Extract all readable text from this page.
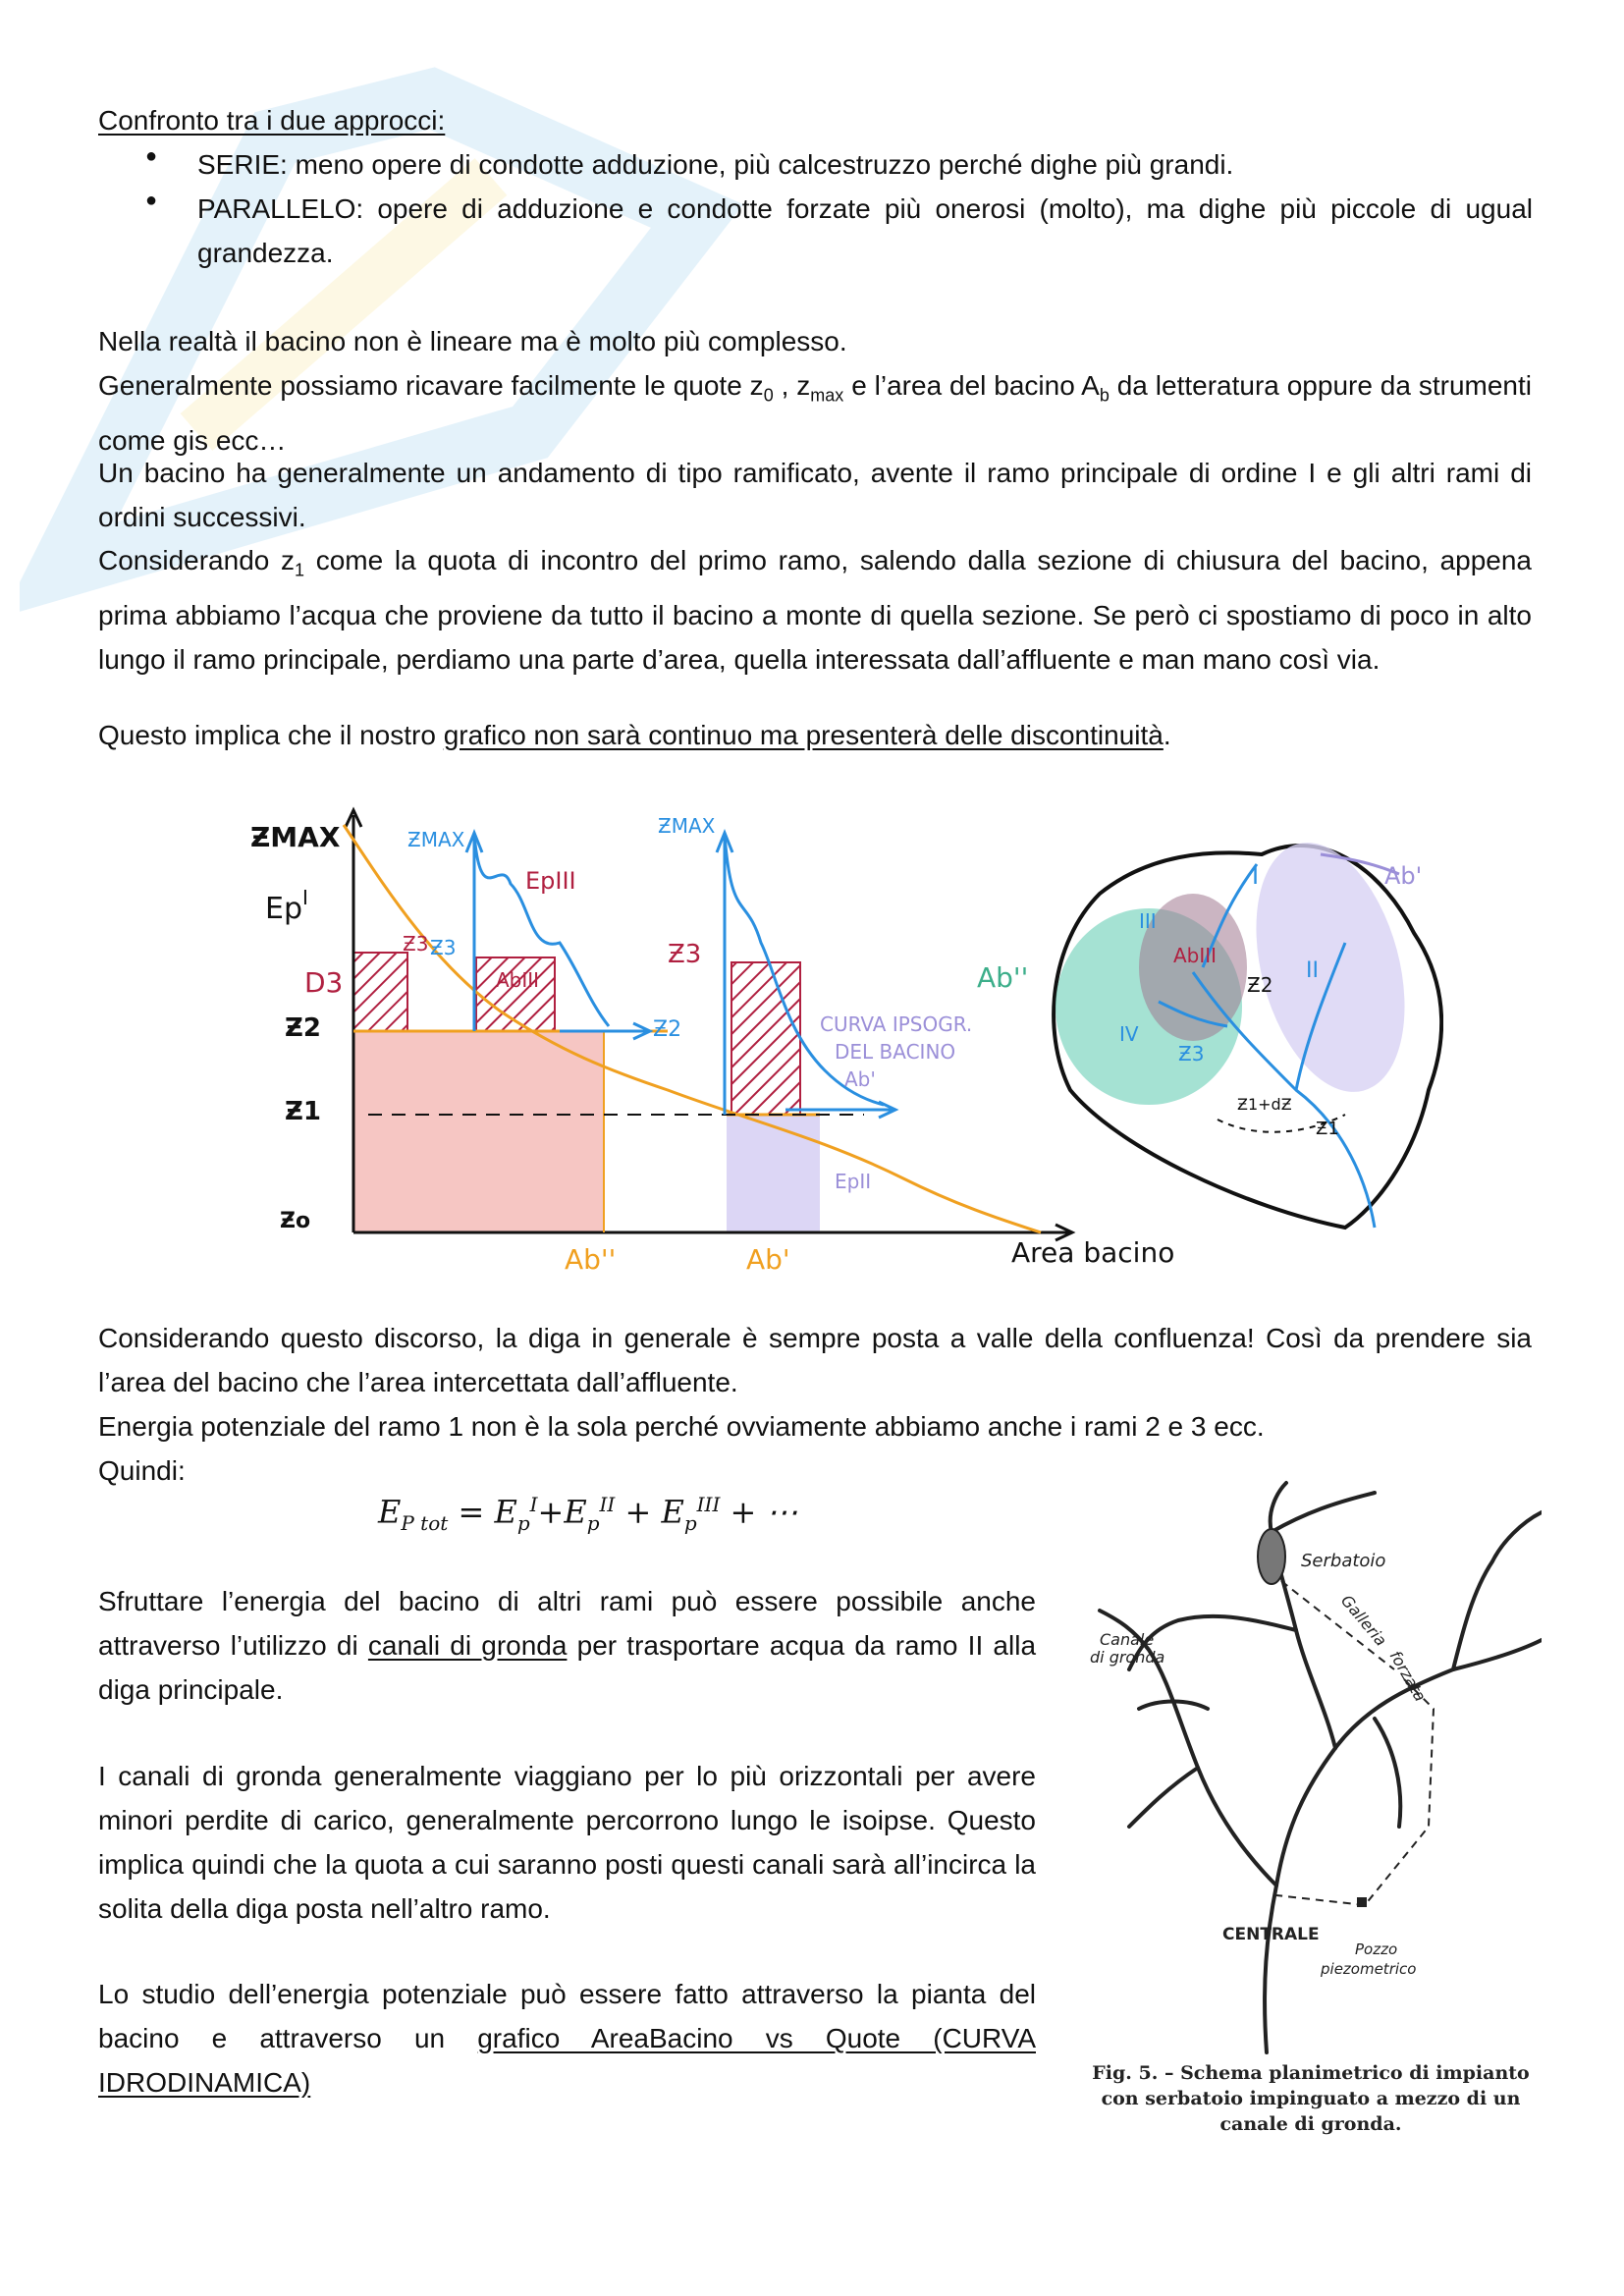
Confronto tra i due approcci:
● SERIE: meno opere di condotte adduzione, più calcestruzzo perché dighe più grandi.
● PARALLELO: opere di adduzione e condotte forzate più onerosi (molto), ma dighe più piccole di ugual grandezza.
Nella realtà il bacino non è lineare ma è molto più complesso.
Generalmente possiamo ricavare facilmente le quote $z_0$ , $z_{max}$ e l’area del bacino $A_b$ da letteratura oppure da strumenti come gis ecc…
Un bacino ha generalmente un andamento di tipo ramificato, avente il ramo principale di ordine I e gli altri rami di ordini successivi.
Considerando $z_1$ come la quota di incontro del primo ramo, salendo dalla sezione di chiusura del bacino, appena prima abbiamo l’acqua che proviene da tutto il bacino a monte di quella sezione. Se però ci spostiamo di poco in alto lungo il ramo principale, perdiamo una parte d’area, quella interessata dall’affluente e man mano così via.
Questo implica che il nostro grafico non sarà continuo ma presenterà delle discontinuità.
ƵMAX
$Ep^I$
D3
Ƶ2
Ƶ1
Ƶo
Ƶ3 Ƶ3
ƵMAX
ƵMAX
EpIII
AbIII
Ƶ2
Ƶ3
CURVA IPSOGR.
DEL BACINO
Ab'
EpII
Ab''	Ab'	Area bacino
Ab'
Ab''
AbIII
I
II
III
IV
Ƶ2
Ƶ3
Ƶ1+dƵ
Ƶ1
Considerando questo discorso, la diga in generale è sempre posta a valle della confluenza! Così da prendere sia l’area del bacino che l’area intercettata dall’affluente.
Energia potenziale del ramo 1 non è la sola perché ovviamente abbiamo anche i rami 2 e 3 ecc.
Quindi:
$E_{P tot} = E_p^I+E_p^{II} + E_p^{III}$ + ⋯
Sfruttare l’energia del bacino di altri rami può essere possibile anche attraverso l’utilizzo di canali di gronda per trasportare acqua da ramo II alla diga principale.
I canali di gronda generalmente viaggiano per lo più orizzontali per avere minori perdite di carico, generalmente percorrono lungo le isoipse. Questo implica quindi che la quota a cui saranno posti questi canali sarà all’incirca la solita della diga posta nell’altro ramo.
Lo studio dell’energia potenziale può essere fatto attraverso la pianta del bacino e attraverso un grafico AreaBacino vs Quote (CURVA IDRODINAMICA)
Serbatoio
Canale
di gronda
Galleria
forzata
CENTRALE
Pozzo
piezometrico
Fig. 5. – Schema planimetrico di impianto
con serbatoio impinguato a mezzo di un
canale di gronda.
